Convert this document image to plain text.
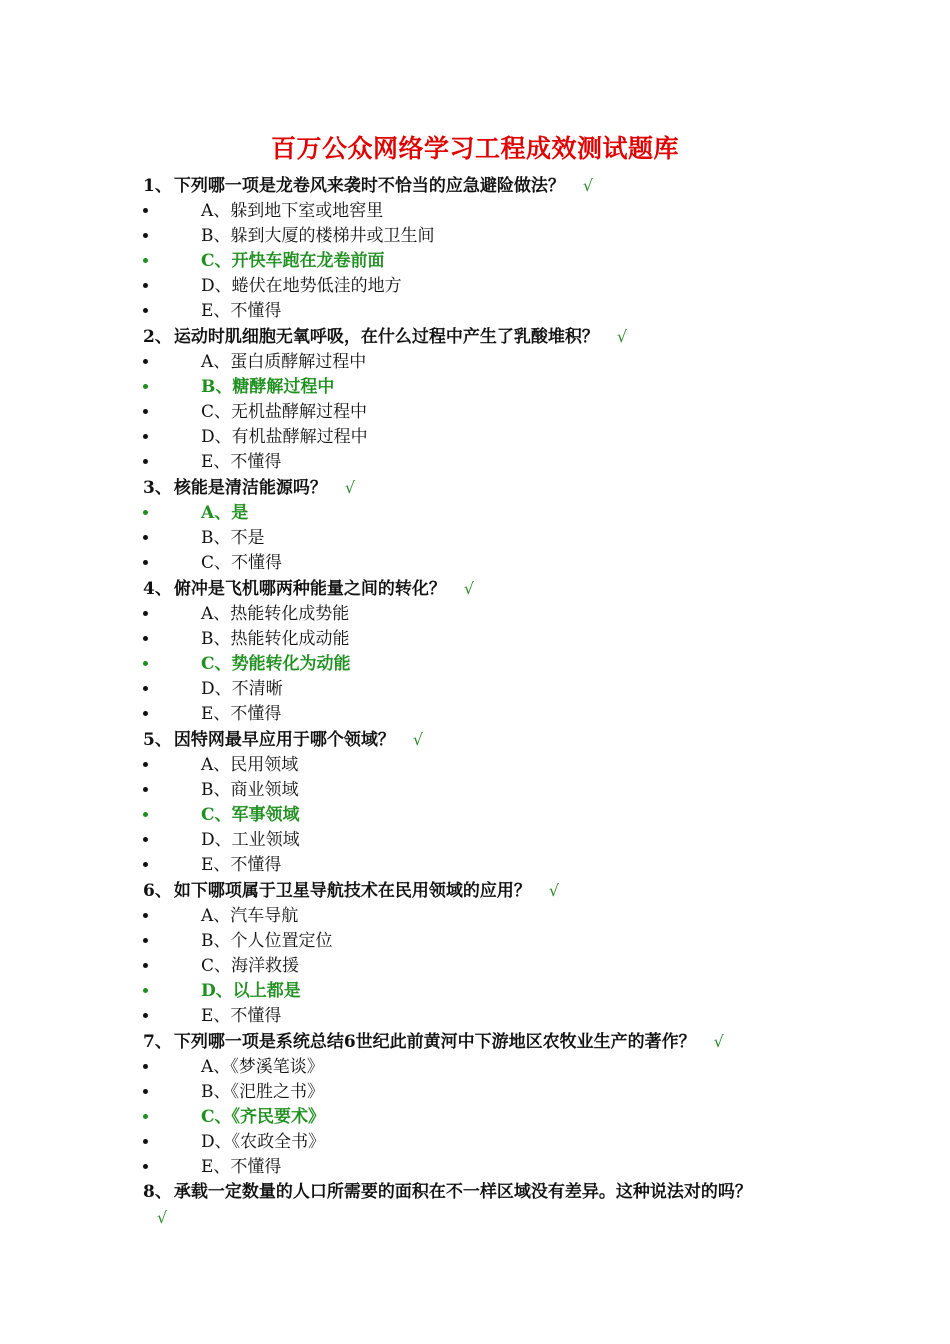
百万公众网络学习工程成效测试题库
1、 下列哪一项是龙卷风来袭时不恰当的应急避险做法？ √
A、躲到地下室或地窖里
B、躲到大厦的楼梯井或卫生间
C、开快车跑在龙卷前面
D、蜷伏在地势低洼的地方
E、不懂得
2、 运动时肌细胞无氧呼吸，在什么过程中产生了乳酸堆积？ √
A、蛋白质酵解过程中
B、糖酵解过程中
C、无机盐酵解过程中
D、有机盐酵解过程中
E、不懂得
3、 核能是清洁能源吗？ √
A、是
B、不是
C、不懂得
4、 俯冲是飞机哪两种能量之间的转化？ √
A、热能转化成势能
B、热能转化成动能
C、势能转化为动能
D、不清晰
E、不懂得
5、 因特网最早应用于哪个领域？ √
A、民用领域
B、商业领域
C、军事领域
D、工业领域
E、不懂得
6、 如下哪项属于卫星导航技术在民用领域的应用？ √
A、汽车导航
B、个人位置定位
C、海洋救援
D、以上都是
E、不懂得
7、 下列哪一项是系统总结6世纪此前黄河中下游地区农牧业生产的著作？ √
A、《梦溪笔谈》
B、《汜胜之书》
C、《齐民要术》
D、《农政全书》
E、不懂得
8、 承载一定数量的人口所需要的面积在不一样区域没有差异。这种说法对的吗？
√
